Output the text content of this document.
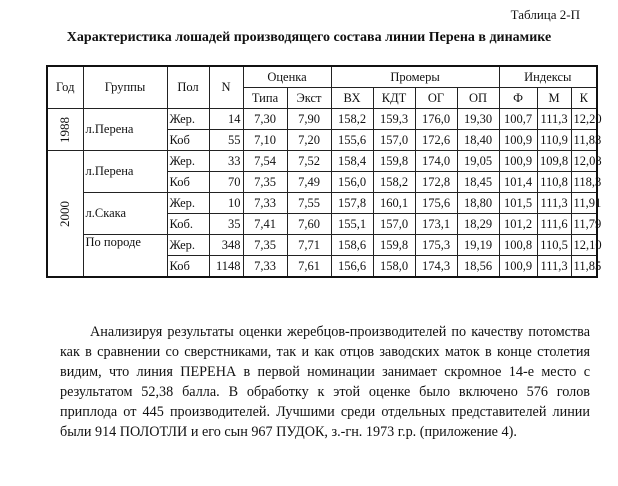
Таблица 2-П
Характеристика лошадей производящего состава линии Перена в динамике
Год	Группы	Пол	N	Оценка		Промеры				Индексы		
				Типа	Экст	ВХ	КДТ	ОГ	ОП	Ф	М	К
1988	л.Перена	Жер.	14	7,30	7,90	158,2	159,3	176,0	19,30	100,7	111,3	12,20
		Коб	55	7,10	7,20	155,6	157,0	172,6	18,40	100,9	110,9	11,83
2000	л.Перена	Жер.	33	7,54	7,52	158,4	159,8	174,0	19,05	100,9	109,8	12,03
		Коб	70	7,35	7,49	156,0	158,2	172,8	18,45	101,4	110,8	118,3
	л.Скака	Жер.	10	7,33	7,55	157,8	160,1	175,6	18,80	101,5	111,3	11,91
		Коб.	35	7,41	7,60	155,1	157,0	173,1	18,29	101,2	111,6	11,79
	По породе	Жер.	348	7,35	7,71	158,6	159,8	175,3	19,19	100,8	110,5	12,10
		Коб	1148	7,33	7,61	156,6	158,0	174,3	18,56	100,9	111,3	11,85

Анализируя результаты оценки жеребцов-производителей по качеству потомства как в сравнении со сверстниками, так и как отцов заводских маток в конце столетия видим, что линия ПЕРЕНА в первой номинации занимает скромное 14-е место с результатом 52,38 балла. В обработку к этой оценке было включено 576 голов приплода от 445 производителей. Лучшими среди отдельных представителей линии были 914 ПОЛОТЛИ и его сын 967 ПУДОК, з.-гн. 1973 г.р. (приложение 4).
